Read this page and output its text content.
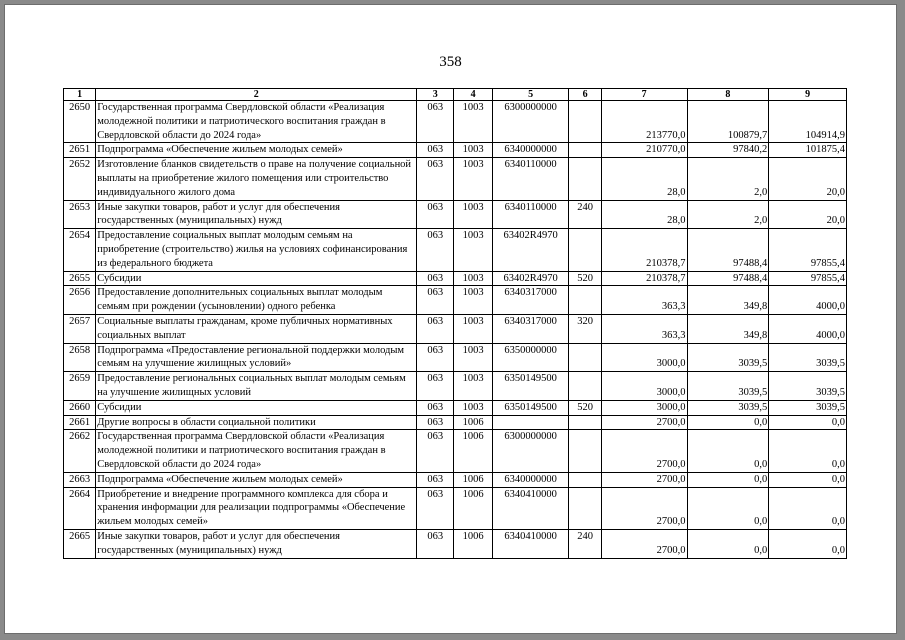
358
1	2	3	4	5	6	7	8	9
2650	Государственная программа Свердловской области «Реализация молодежной политики и патриотического воспитания граждан в Свердловской области до 2024 года»	063	1003	6300000000		213770,0	100879,7	104914,9
2651	Подпрограмма «Обеспечение жильем молодых семей»	063	1003	6340000000		210770,0	97840,2	101875,4
2652	Изготовление бланков свидетельств о праве на получение социальной выплаты на приобретение жилого помещения или строительство индивидуального жилого дома	063	1003	6340110000		28,0	2,0	20,0
2653	Иные закупки товаров, работ и услуг для обеспечения государственных (муниципальных) нужд	063	1003	6340110000	240	28,0	2,0	20,0
2654	Предоставление социальных выплат молодым семьям на приобретение (строительство) жилья на условиях софинансирования из федерального бюджета	063	1003	63402R4970		210378,7	97488,4	97855,4
2655	Субсидии	063	1003	63402R4970	520	210378,7	97488,4	97855,4
2656	Предоставление дополнительных социальных выплат молодым семьям при рождении (усыновлении) одного ребенка	063	1003	6340317000		363,3	349,8	4000,0
2657	Социальные выплаты гражданам, кроме публичных нормативных социальных выплат	063	1003	6340317000	320	363,3	349,8	4000,0
2658	Подпрограмма «Предоставление региональной поддержки молодым семьям на улучшение жилищных условий»	063	1003	6350000000		3000,0	3039,5	3039,5
2659	Предоставление региональных социальных выплат молодым семьям на улучшение жилищных условий	063	1003	6350149500		3000,0	3039,5	3039,5
2660	Субсидии	063	1003	6350149500	520	3000,0	3039,5	3039,5
2661	Другие вопросы в области социальной политики	063	1006			2700,0	0,0	0,0
2662	Государственная программа Свердловской области «Реализация молодежной политики и патриотического воспитания граждан в Свердловской области до 2024 года»	063	1006	6300000000		2700,0	0,0	0,0
2663	Подпрограмма «Обеспечение жильем молодых семей»	063	1006	6340000000		2700,0	0,0	0,0
2664	Приобретение и внедрение программного комплекса для сбора и хранения информации для реализации подпрограммы «Обеспечение жильем молодых семей»	063	1006	6340410000		2700,0	0,0	0,0
2665	Иные закупки товаров, работ и услуг для обеспечения государственных (муниципальных) нужд	063	1006	6340410000	240	2700,0	0,0	0,0
